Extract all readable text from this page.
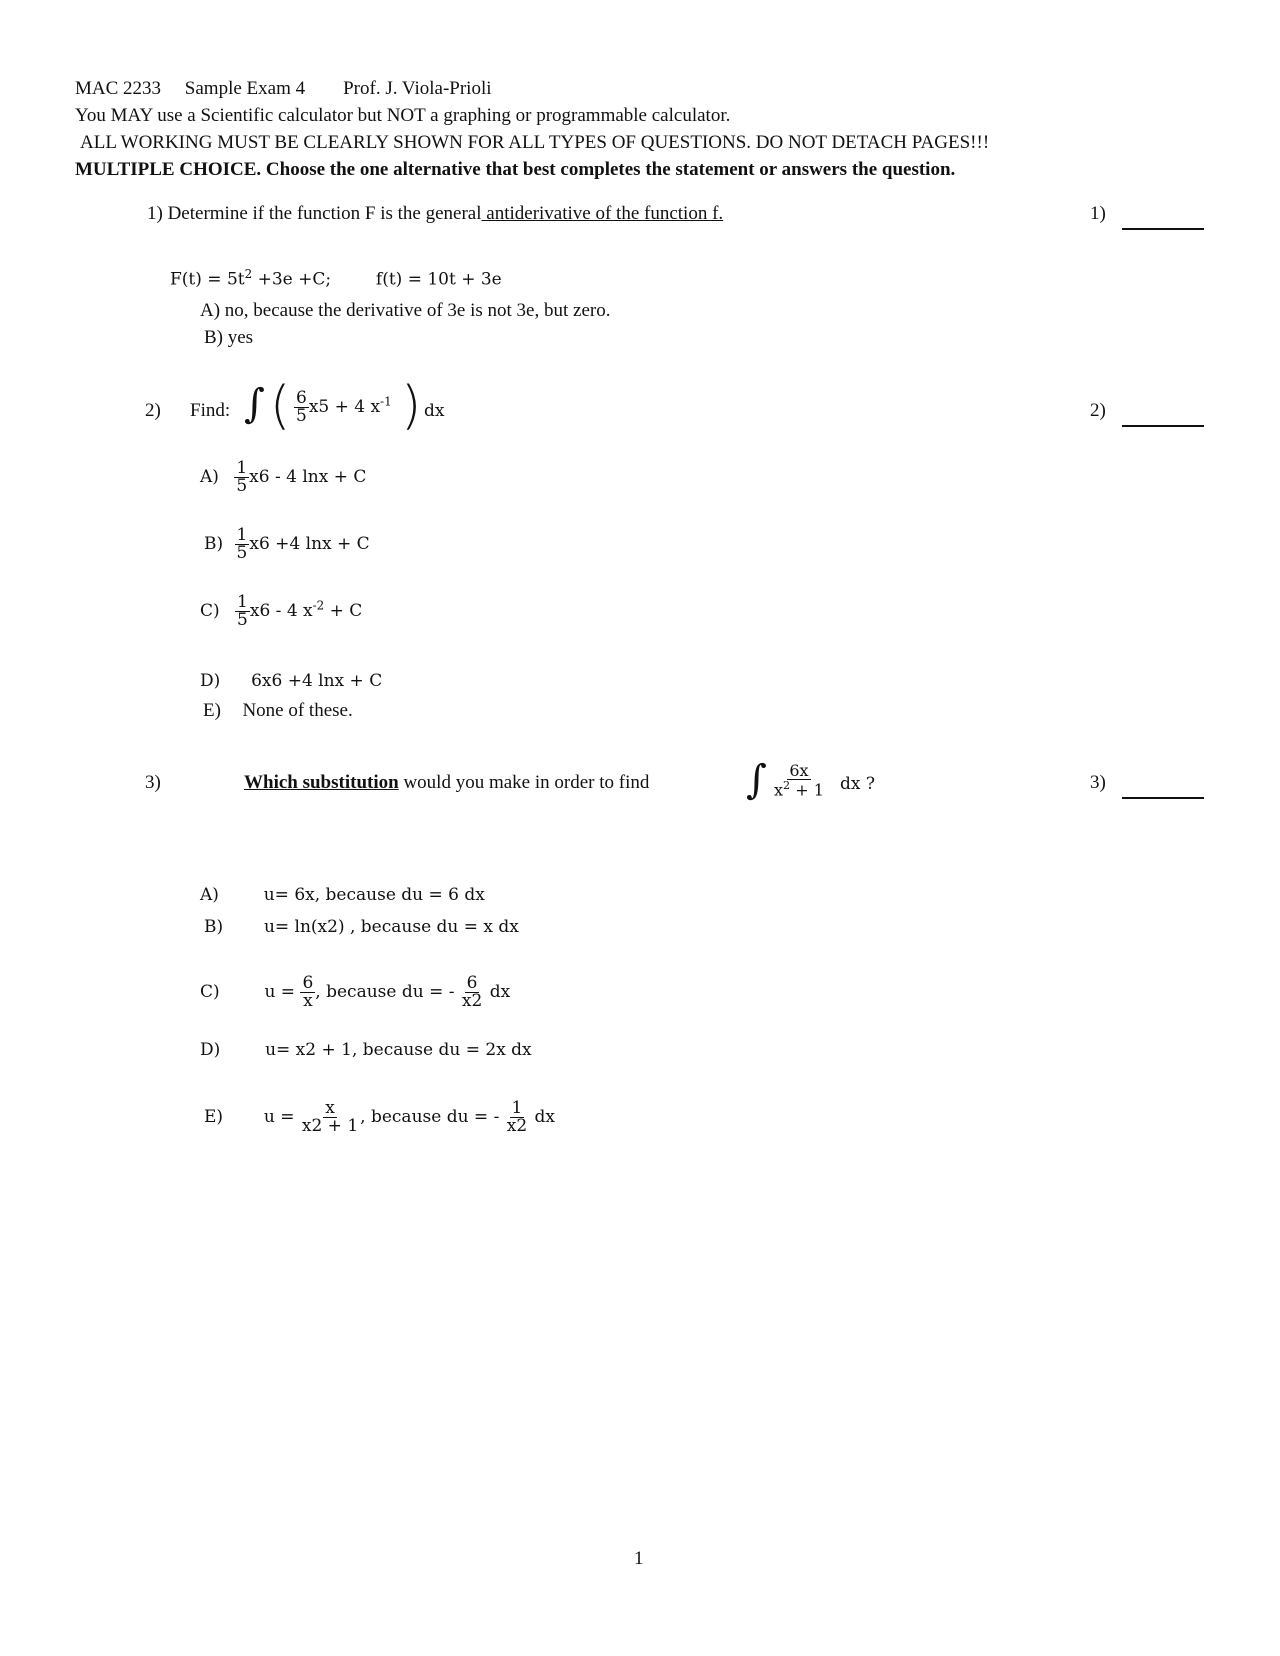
MAC 2233 Sample Exam 4 Prof. J. Viola-Prioli
You MAY use a Scientific calculator but NOT a graphing or programmable calculator.
ALL WORKING MUST BE CLEARLY SHOWN FOR ALL TYPES OF QUESTIONS. DO NOT DETACH PAGES!!!
MULTIPLE CHOICE. Choose the one alternative that best completes the statement or answers the question.
1) Determine if the function F is the general antiderivative of the function f.	1)
$F(t) = 5t^2 +3e +C$;	f(t) = 10t + 3e
A) no, because the derivative of 3e is not 3e, but zero.
B) yes
2) Find: ∫ ( $\frac{6}{5} x5 + 4$ $x^{-1}$ ) dx	2)
$A) \frac{1}{5} x6 - 4$ lnx + C
$B) \frac{1}{5} x6 +4$ lnx + C
$C) \frac{1}{5} x6 - 4$ $x^{-2} + C$
D) 6x6 +4 lnx + C
E) None of these.
3)	Which substitution would you make in order to find ∫ $\frac{6x}{x^2 + 1}$ dx ?	3)
A)	u= 6x, because du = 6 dx
B) u= ln(x2) , because du = x dx
C)	$u = \frac{6}{x}$ , because du = - $\frac{6}{x2}$ dx
D)	u= x2 + 1, because du = 2x dx
E) $u = \frac{x}{x2 + 1}$ , because du = - $\frac{1}{x2}$ dx
1
